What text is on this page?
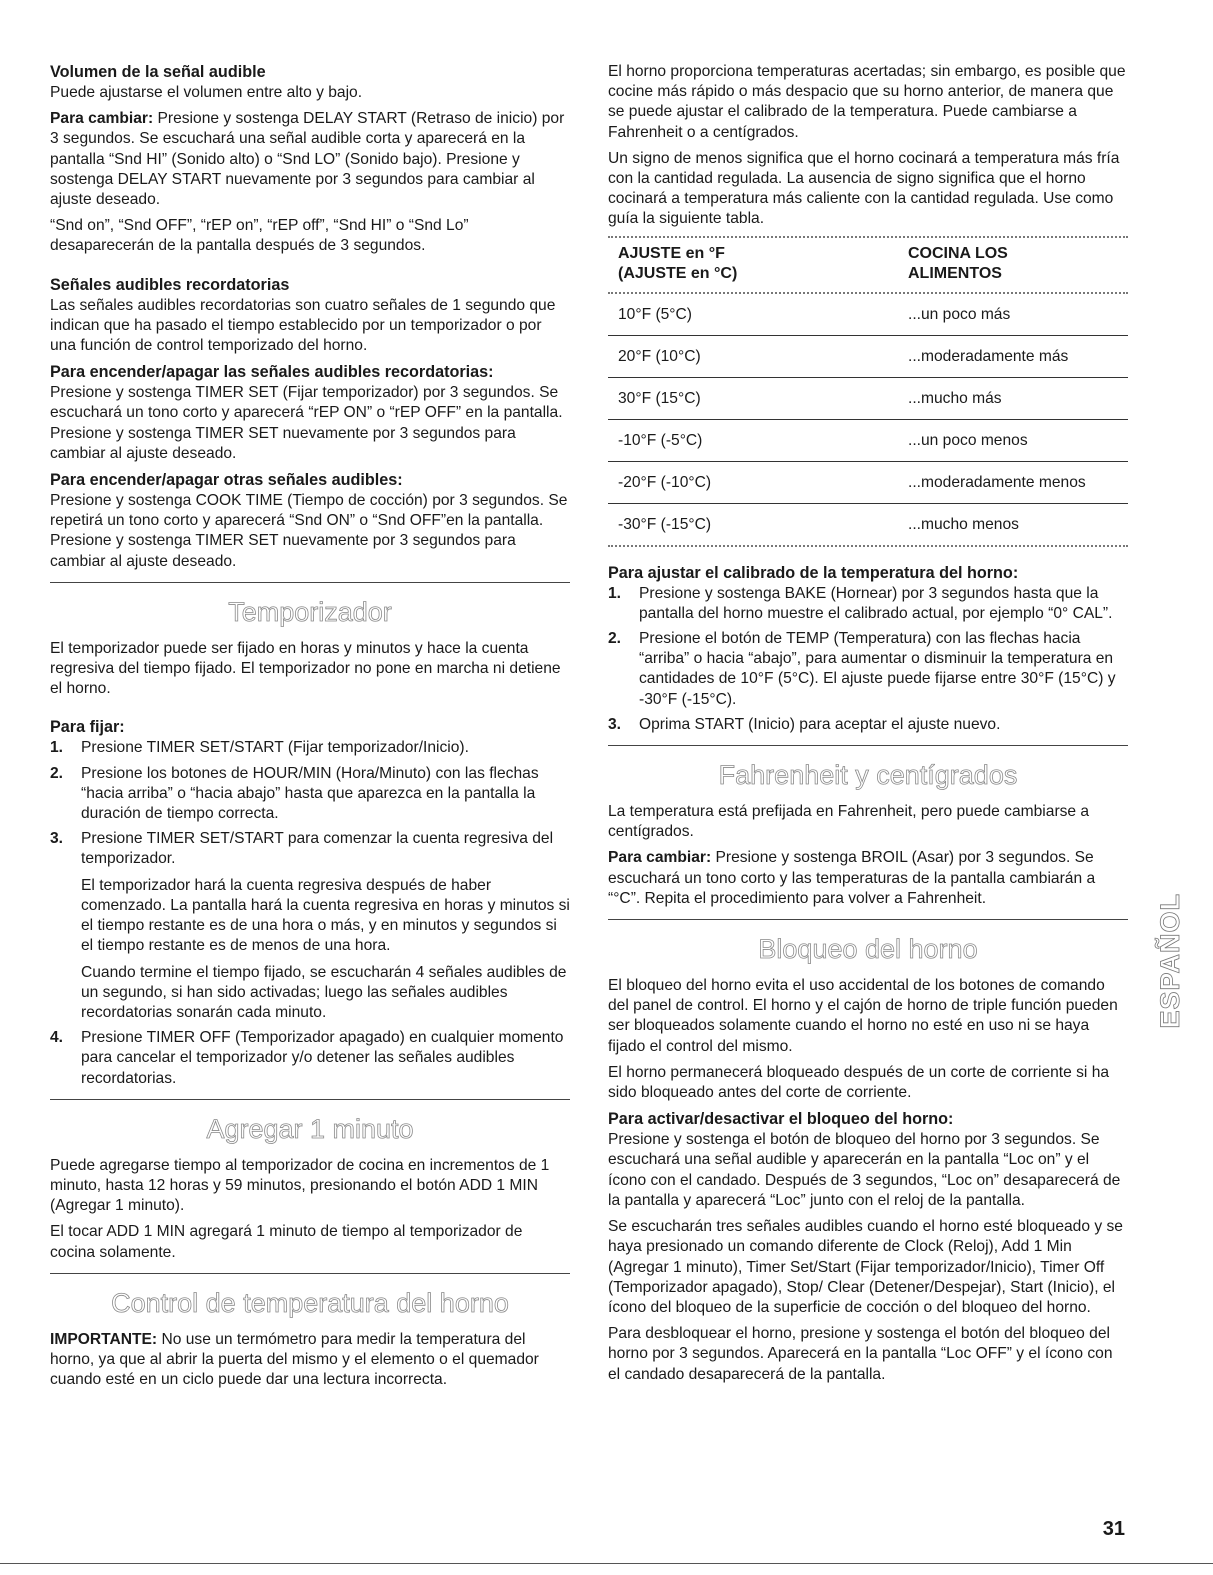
Volumen de la señal audible

Puede ajustarse el volumen entre alto y bajo.

Para cambiar: Presione y sostenga DELAY START (Retraso de inicio) por 3 segundos. Se escuchará una señal audible corta y aparecerá en la pantalla “Snd HI” (Sonido alto) o “Snd LO” (Sonido bajo). Presione y sostenga DELAY START nuevamente por 3 segundos para cambiar al ajuste deseado.

“Snd on”, “Snd OFF”, “rEP on”, “rEP off”, “Snd HI” o “Snd Lo” desaparecerán de la pantalla después de 3 segundos.

Señales audibles recordatorias

Las señales audibles recordatorias son cuatro señales de 1 segundo que indican que ha pasado el tiempo establecido por un temporizador o por una función de control temporizado del horno.

Para encender/apagar las señales audibles recordatorias:

Presione y sostenga TIMER SET (Fijar temporizador) por 3 segundos. Se escuchará un tono corto y aparecerá “rEP ON” o “rEP OFF” en la pantalla. Presione y sostenga TIMER SET nuevamente por 3 segundos para cambiar al ajuste deseado.

Para encender/apagar otras señales audibles:

Presione y sostenga COOK TIME (Tiempo de cocción) por 3 segundos. Se repetirá un tono corto y aparecerá “Snd ON” o “Snd OFF”en la pantalla. Presione y sostenga TIMER SET nuevamente por 3 segundos para cambiar al ajuste deseado.

Temporizador

El temporizador puede ser fijado en horas y minutos y hace la cuenta regresiva del tiempo fijado. El temporizador no pone en marcha ni detiene el horno.

Para fijar:
1. Presione TIMER SET/START (Fijar temporizador/Inicio).
2. Presione los botones de HOUR/MIN (Hora/Minuto) con las flechas “hacia arriba” o “hacia abajo” hasta que aparezca en la pantalla la duración de tiempo correcta.
3. Presione TIMER SET/START para comenzar la cuenta regresiva del temporizador.

El temporizador hará la cuenta regresiva después de haber comenzado. La pantalla hará la cuenta regresiva en horas y minutos si el tiempo restante es de una hora o más, y en minutos y segundos si el tiempo restante es de menos de una hora.

Cuando termine el tiempo fijado, se escucharán 4 señales audibles de un segundo, si han sido activadas; luego las señales audibles recordatorias sonarán cada minuto.

4. Presione TIMER OFF (Temporizador apagado) en cualquier momento para cancelar el temporizador y/o detener las señales audibles recordatorias.
Agregar 1 minuto

Puede agregarse tiempo al temporizador de cocina en incrementos de 1 minuto, hasta 12 horas y 59 minutos, presionando el botón ADD 1 MIN (Agregar 1 minuto).

El tocar ADD 1 MIN agregará 1 minuto de tiempo al temporizador de cocina solamente.

Control de temperatura del horno

IMPORTANTE: No use un termómetro para medir la temperatura del horno, ya que al abrir la puerta del mismo y el elemento o el quemador cuando esté en un ciclo puede dar una lectura incorrecta.

El horno proporciona temperaturas acertadas; sin embargo, es posible que cocine más rápido o más despacio que su horno anterior, de manera que se puede ajustar el calibrado de la temperatura. Puede cambiarse a Fahrenheit o a centígrados.

Un signo de menos significa que el horno cocinará a temperatura más fría con la cantidad regulada. La ausencia de signo significa que el horno cocinará a temperatura más caliente con la cantidad regulada. Use como guía la siguiente tabla.

AJUSTE en °F
(AJUSTE en °C)	COCINA LOS
ALIMENTOS

10°F (5°C)	...un poco más
20°F (10°C)	...moderadamente más
30°F (15°C)	...mucho más
-10°F (-5°C)	...un poco menos
-20°F (-10°C)	...moderadamente menos
-30°F (-15°C)	...mucho menos
Para ajustar el calibrado de la temperatura del horno:
1. Presione y sostenga BAKE (Hornear) por 3 segundos hasta que la pantalla del horno muestre el calibrado actual, por ejemplo “0° CAL”.
2. Presione el botón de TEMP (Temperatura) con las flechas hacia “arriba” o hacia “abajo”, para aumentar o disminuir la temperatura en cantidades de 10°F (5°C). El ajuste puede fijarse entre 30°F (15°C) y -30°F (-15°C).
3. Oprima START (Inicio) para aceptar el ajuste nuevo.
Fahrenheit y centígrados

La temperatura está prefijada en Fahrenheit, pero puede cambiarse a centígrados.

Para cambiar: Presione y sostenga BROIL (Asar) por 3 segundos. Se escuchará un tono corto y las temperaturas de la pantalla cambiarán a “°C”. Repita el procedimiento para volver a Fahrenheit.

Bloqueo del horno

El bloqueo del horno evita el uso accidental de los botones de comando del panel de control. El horno y el cajón de horno de triple función pueden ser bloqueados solamente cuando el horno no esté en uso ni se haya fijado el control del mismo.

El horno permanecerá bloqueado después de un corte de corriente si ha sido bloqueado antes del corte de corriente.

Para activar/desactivar el bloqueo del horno:

Presione y sostenga el botón de bloqueo del horno por 3 segundos. Se escuchará una señal audible y aparecerán en la pantalla “Loc on” y el ícono con el candado. Después de 3 segundos, “Loc on” desaparecerá de la pantalla y aparecerá “Loc” junto con el reloj de la pantalla.

Se escucharán tres señales audibles cuando el horno esté bloqueado y se haya presionado un comando diferente de Clock (Reloj), Add 1 Min (Agregar 1 minuto), Timer Set/Start (Fijar temporizador/Inicio), Timer Off (Temporizador apagado), Stop/ Clear (Detener/Despejar), Start (Inicio), el ícono del bloqueo de la superficie de cocción o del bloqueo del horno.

Para desbloquear el horno, presione y sostenga el botón del bloqueo del horno por 3 segundos. Aparecerá en la pantalla “Loc OFF” y el ícono con el candado desaparecerá de la pantalla.

ESPAÑOL
31
